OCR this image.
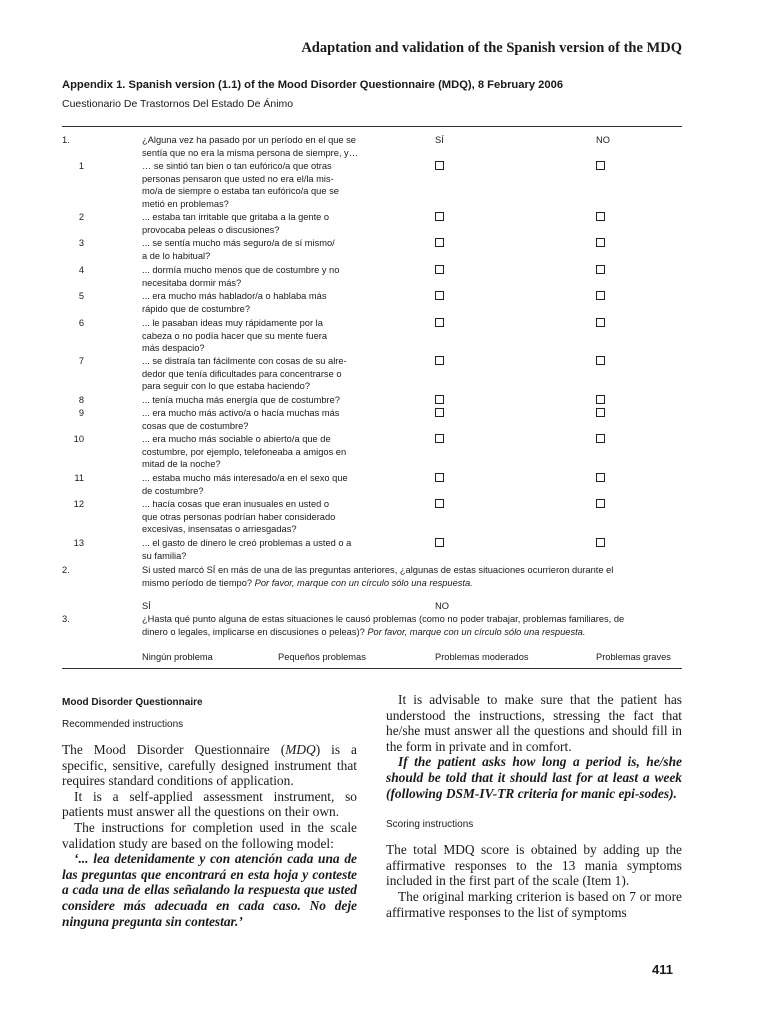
Adaptation and validation of the Spanish version of the MDQ
Appendix 1. Spanish version (1.1) of the Mood Disorder Questionnaire (MDQ), 8 February 2006
Cuestionario De Trastornos Del Estado De Ánimo
1.	¿Alguna vez ha pasado por un período en el que se
sentía que no era la misma persona de siempre, y…
SÍ	NO
1	… se sintió tan bien o tan eufórico/a que otras
personas pensaron que usted no era el/la mis-
mo/a de siempre o estaba tan eufórico/a que se
metió en problemas?
2	... estaba tan irritable que gritaba a la gente o
provocaba peleas o discusiones?
3	... se sentía mucho más seguro/a de sí mismo/
a de lo habitual?
4	... dormía mucho menos que de costumbre y no
necesitaba dormir más?
5	... era mucho más hablador/a o hablaba más
rápido que de costumbre?
6	... le pasaban ideas muy rápidamente por la
cabeza o no podía hacer que su mente fuera
más despacio?
7	... se distraía tan fácilmente con cosas de su alre-
dedor que tenía dificultades para concentrarse o
para seguir con lo que estaba haciendo?
8	... tenía mucha más energía que de costumbre?
9	... era mucho más activo/a o hacía muchas más
cosas que de costumbre?
10	... era mucho más sociable o abierto/a que de
costumbre, por ejemplo, telefoneaba a amigos en
mitad de la noche?
11	... estaba mucho más interesado/a en el sexo que
de costumbre?
12	... hacía cosas que eran inusuales en usted o
que otras personas podrían haber considerado
excesivas, insensatas o arriesgadas?
13	... el gasto de dinero le creó problemas a usted o a
su familia?
2.	Si usted marcó SÍ en más de una de las preguntas anteriores, ¿algunas de estas situaciones ocurrieron durante el
mismo período de tiempo? Por favor, marque con un círculo sólo una respuesta.
SÍ	NO
3.	¿Hasta qué punto alguna de estas situaciones le causó problemas (como no poder trabajar, problemas familiares, de
dinero o legales, implicarse en discusiones o peleas)? Por favor, marque con un círculo sólo una respuesta.
Ningún problema	Pequeños problemas	Problemas moderados	Problemas graves
Mood Disorder Questionnaire
Recommended instructions

The Mood Disorder Questionnaire (MDQ) is a specific, sensitive, carefully designed instrument that requires standard conditions of application.

It is a self-applied assessment instrument, so patients must answer all the questions on their own.

The instructions for completion used in the scale validation study are based on the following model:

‘... lea detenidamente y con atención cada una de las preguntas que encontrará en esta hoja y conteste a cada una de ellas señalando la respuesta que usted considere más adecuada en cada caso. No deje ninguna pregunta sin contestar.’

It is advisable to make sure that the patient has understood the instructions, stressing the fact that he/she must answer all the questions and should fill in the form in private and in comfort.

If the patient asks how long a period is, he/she should be told that it should last for at least a week (following DSM-IV-TR criteria for manic epi-sodes).

Scoring instructions

The total MDQ score is obtained by adding up the affirmative responses to the 13 mania symptoms included in the first part of the scale (Item 1).

The original marking criterion is based on 7 or more affirmative responses to the list of symptoms

411
